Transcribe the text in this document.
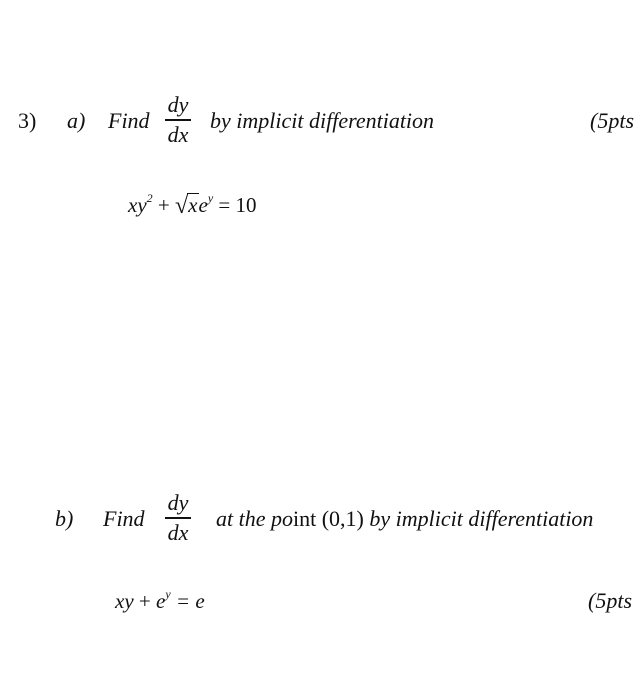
3) a) Find
dy
dx
by implicit differentiation	(5pts
$xy^2 + √xe^y = 10$
b) Find
dy
dx
at the point (0,1) by implicit differentiation
xy + $e^y = e$	(5pts
